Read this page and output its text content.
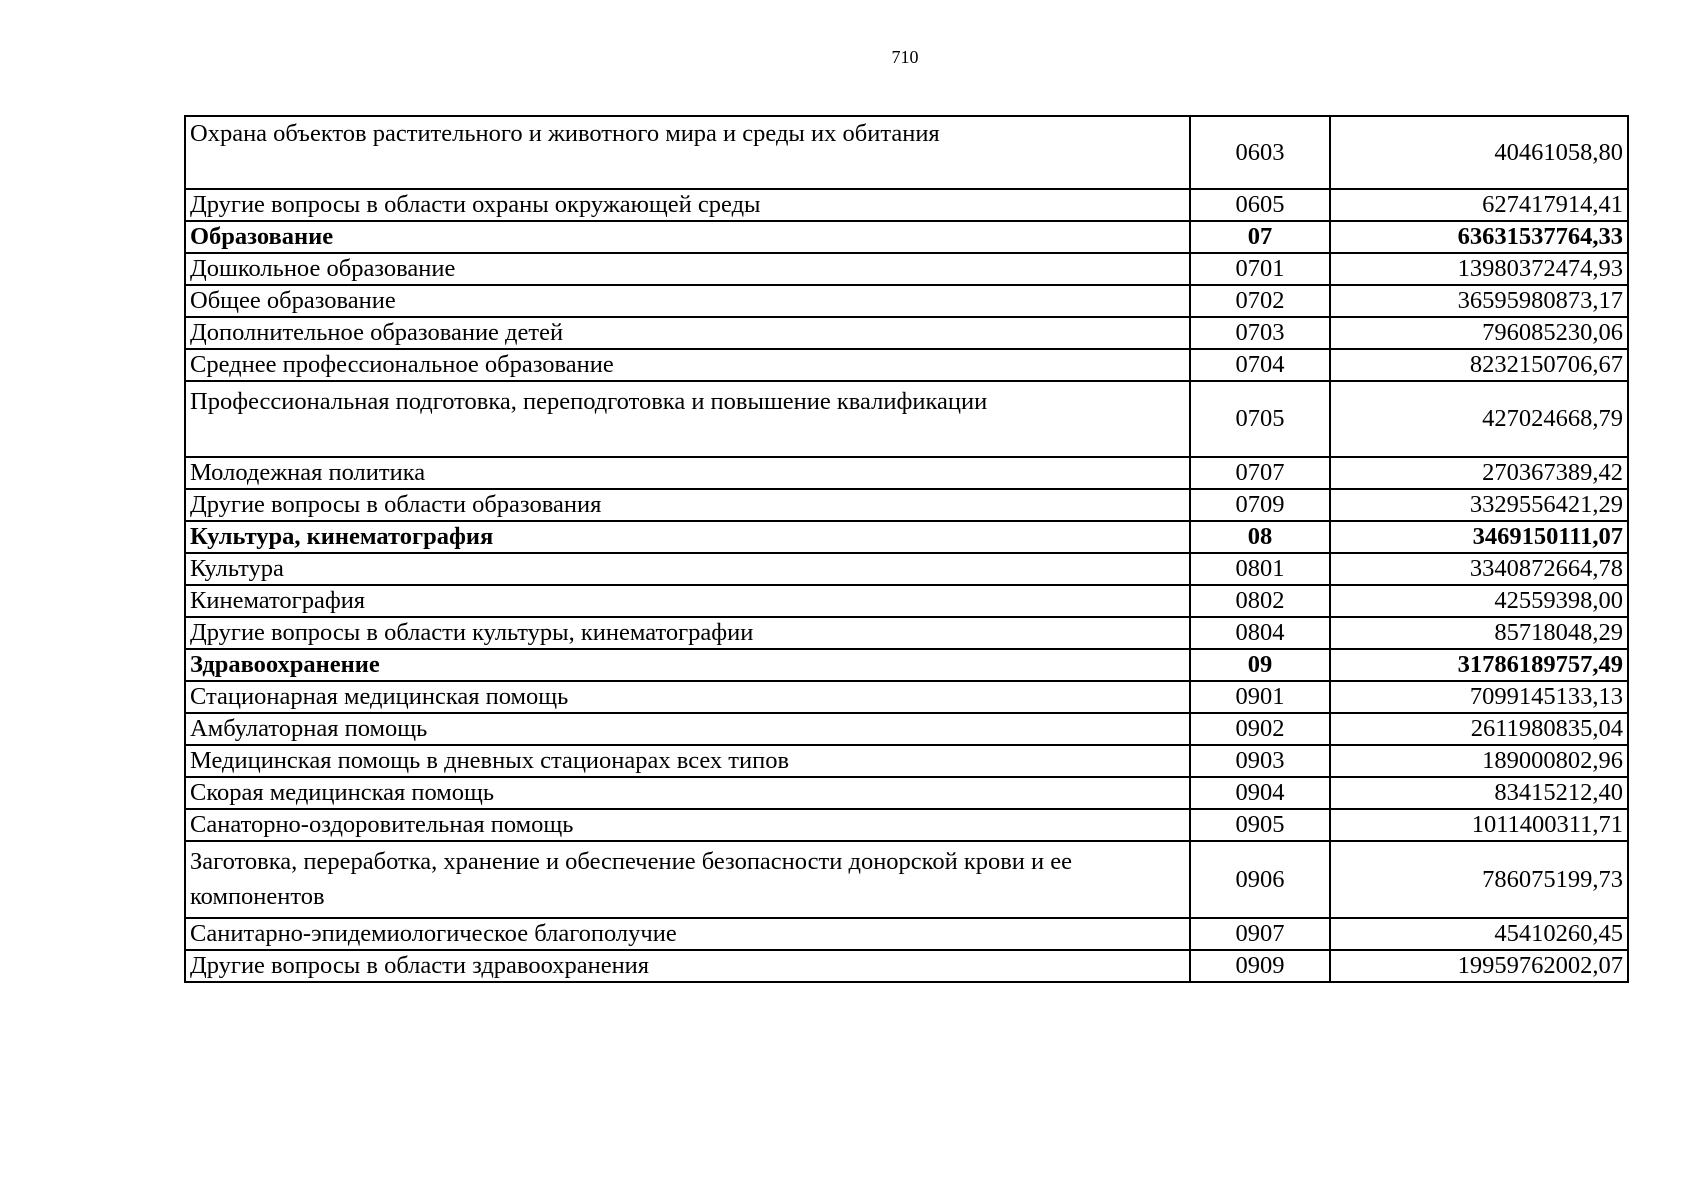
710
Охрана объектов растительного и животного мира и среды их обитания	0603	40461058,80
Другие вопросы в области охраны окружающей среды	0605	627417914,41
Образование	07	63631537764,33
Дошкольное образование	0701	13980372474,93
Общее образование	0702	36595980873,17
Дополнительное образование детей	0703	796085230,06
Среднее профессиональное образование	0704	8232150706,67
Профессиональная подготовка, переподготовка и повышение квалификации	0705	427024668,79
Молодежная политика	0707	270367389,42
Другие вопросы в области образования	0709	3329556421,29
Культура, кинематография	08	3469150111,07
Культура	0801	3340872664,78
Кинематография	0802	42559398,00
Другие вопросы в области культуры, кинематографии	0804	85718048,29
Здравоохранение	09	31786189757,49
Стационарная медицинская помощь	0901	7099145133,13
Амбулаторная помощь	0902	2611980835,04
Медицинская помощь в дневных стационарах всех типов	0903	189000802,96
Скорая медицинская помощь	0904	83415212,40
Санаторно-оздоровительная помощь	0905	1011400311,71
Заготовка, переработка, хранение и обеспечение безопасности донорской крови и ее компонентов	0906	786075199,73
Санитарно-эпидемиологическое благополучие	0907	45410260,45
Другие вопросы в области здравоохранения	0909	19959762002,07
